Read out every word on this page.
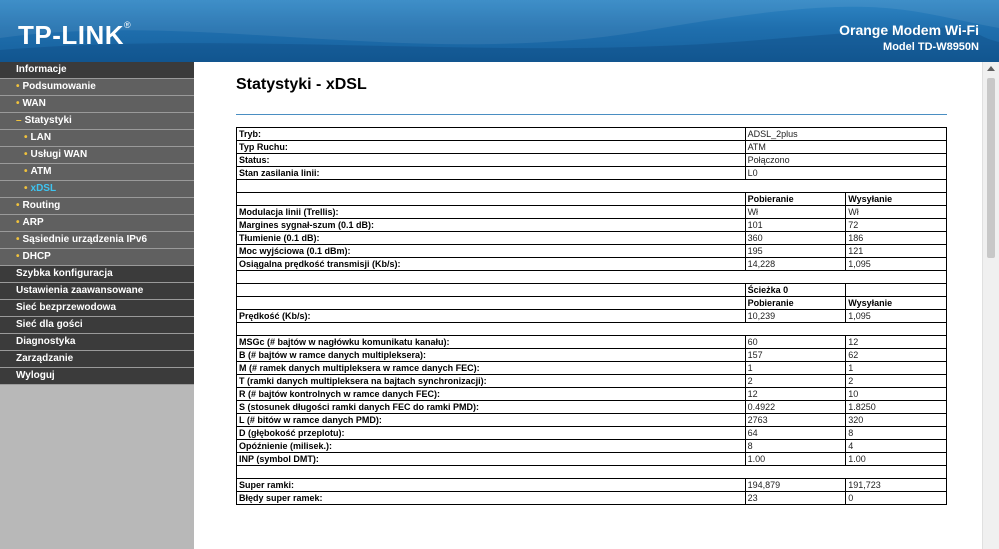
TP-LINK®	Orange Modem Wi-Fi
Model TD-W8950N
Informacje
• Podsumowanie
• WAN
– Statystyki
• LAN
• Usługi WAN
• ATM
• xDSL
• Routing
• ARP
• Sąsiednie urządzenia IPv6
• DHCP
Szybka konfiguracja
Ustawienia zaawansowane
Sieć bezprzewodowa
Sieć dla gości
Diagnostyka
Zarządzanie
Wyloguj
Statystyki - xDSL
Tryb:	ADSL_2plus	
Typ Ruchu:	ATM	
Status:	Połączono	
Stan zasilania linii:	L0	

	Pobieranie	Wysyłanie
Modulacja linii (Trellis):	Wł	Wł
Margines sygnał-szum (0.1 dB):	101	72
Tłumienie (0.1 dB):	360	186
Moc wyjściowa (0.1 dBm):	195	121
Osiągalna prędkość transmisji (Kb/s):	14,228	1,095

	Ścieżka 0	
	Pobieranie	Wysyłanie
Prędkość (Kb/s):	10,239	1,095

MSGc (# bajtów w nagłówku komunikatu kanału):	60	12
B (# bajtów w ramce danych multipleksera):	157	62
M (# ramek danych multipleksera w ramce danych FEC):	1	1
T (ramki danych multipleksera na bajtach synchronizacji):	2	2
R (# bajtów kontrolnych w ramce danych FEC):	12	10
S (stosunek długości ramki danych FEC do ramki PMD):	0.4922	1.8250
L (# bitów w ramce danych PMD):	2763	320
D (głębokość przeplotu):	64	8
Opóźnienie (milisek.):	8	4
INP (symbol DMT):	1.00	1.00

Super ramki:	194,879	191,723
Błędy super ramek:	23	0
